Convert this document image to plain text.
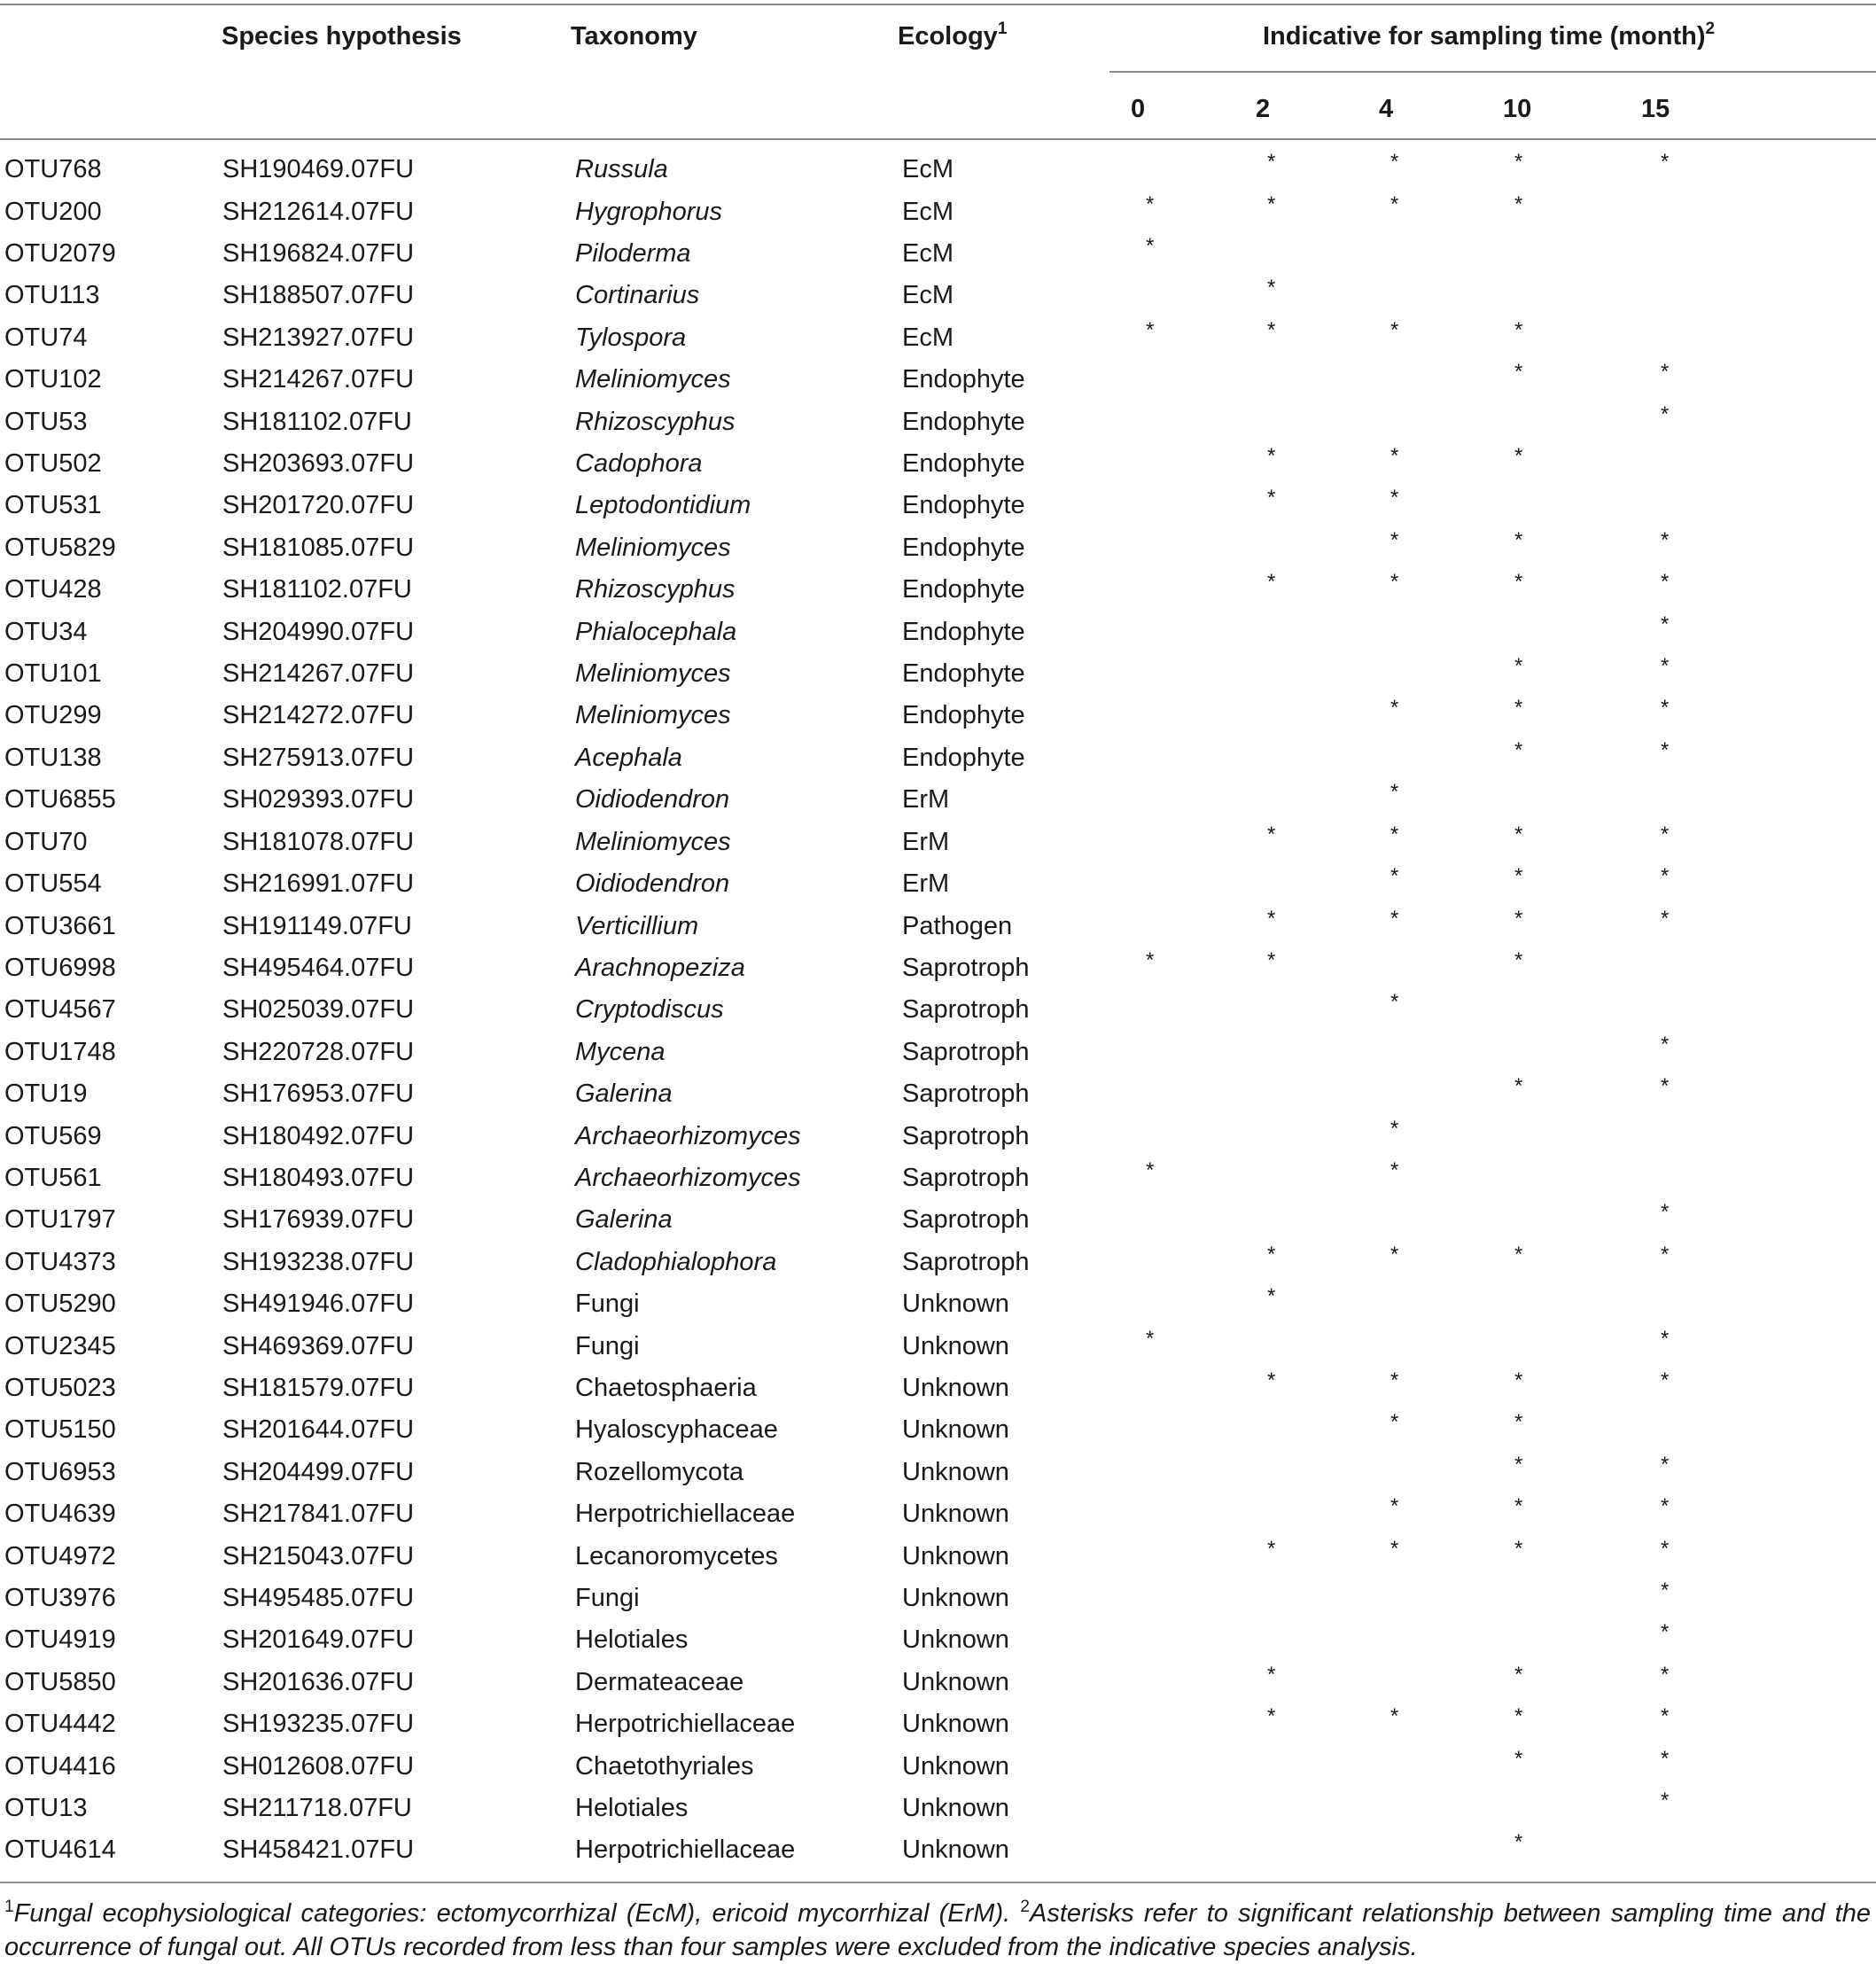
Species hypothesis	Taxonomy	Ecology$^1$	Indicative for sampling time (month)$^2$
0	2	4	10	15
OTU768	SH190469.07FU	Russula	EcM		*	*	*	*
OTU200	SH212614.07FU	Hygrophorus	EcM	*	*	*	*	
OTU2079	SH196824.07FU	Piloderma	EcM	*				
OTU113	SH188507.07FU	Cortinarius	EcM		*			
OTU74	SH213927.07FU	Tylospora	EcM	*	*	*	*	
OTU102	SH214267.07FU	Meliniomyces	Endophyte				*	*
OTU53	SH181102.07FU	Rhizoscyphus	Endophyte					*
OTU502	SH203693.07FU	Cadophora	Endophyte		*	*	*	
OTU531	SH201720.07FU	Leptodontidium	Endophyte		*	*		
OTU5829	SH181085.07FU	Meliniomyces	Endophyte			*	*	*
OTU428	SH181102.07FU	Rhizoscyphus	Endophyte		*	*	*	*
OTU34	SH204990.07FU	Phialocephala	Endophyte					*
OTU101	SH214267.07FU	Meliniomyces	Endophyte				*	*
OTU299	SH214272.07FU	Meliniomyces	Endophyte			*	*	*
OTU138	SH275913.07FU	Acephala	Endophyte				*	*
OTU6855	SH029393.07FU	Oidiodendron	ErM			*		
OTU70	SH181078.07FU	Meliniomyces	ErM		*	*	*	*
OTU554	SH216991.07FU	Oidiodendron	ErM			*	*	*
OTU3661	SH191149.07FU	Verticillium	Pathogen		*	*	*	*
OTU6998	SH495464.07FU	Arachnopeziza	Saprotroph	*	*		*	
OTU4567	SH025039.07FU	Cryptodiscus	Saprotroph			*		
OTU1748	SH220728.07FU	Mycena	Saprotroph					*
OTU19	SH176953.07FU	Galerina	Saprotroph				*	*
OTU569	SH180492.07FU	Archaeorhizomyces	Saprotroph			*		
OTU561	SH180493.07FU	Archaeorhizomyces	Saprotroph	*		*		
OTU1797	SH176939.07FU	Galerina	Saprotroph					*
OTU4373	SH193238.07FU	Cladophialophora	Saprotroph		*	*	*	*
OTU5290	SH491946.07FU	Fungi	Unknown		*			
OTU2345	SH469369.07FU	Fungi	Unknown	*				*
OTU5023	SH181579.07FU	Chaetosphaeria	Unknown		*	*	*	*
OTU5150	SH201644.07FU	Hyaloscyphaceae	Unknown			*	*	
OTU6953	SH204499.07FU	Rozellomycota	Unknown				*	*
OTU4639	SH217841.07FU	Herpotrichiellaceae	Unknown			*	*	*
OTU4972	SH215043.07FU	Lecanoromycetes	Unknown		*	*	*	*
OTU3976	SH495485.07FU	Fungi	Unknown					*
OTU4919	SH201649.07FU	Helotiales	Unknown					*
OTU5850	SH201636.07FU	Dermateaceae	Unknown		*		*	*
OTU4442	SH193235.07FU	Herpotrichiellaceae	Unknown		*	*	*	*
OTU4416	SH012608.07FU	Chaetothyriales	Unknown				*	*
OTU13	SH211718.07FU	Helotiales	Unknown					*
OTU4614	SH458421.07FU	Herpotrichiellaceae	Unknown				*	
$^1$Fungal ecophysiological categories: ectomycorrhizal (EcM), ericoid mycorrhizal (ErM). $^2$Asterisks refer to significant relationship between sampling time and the occurrence of fungal out. All OTUs recorded from less than four samples were excluded from the indicative species analysis.
